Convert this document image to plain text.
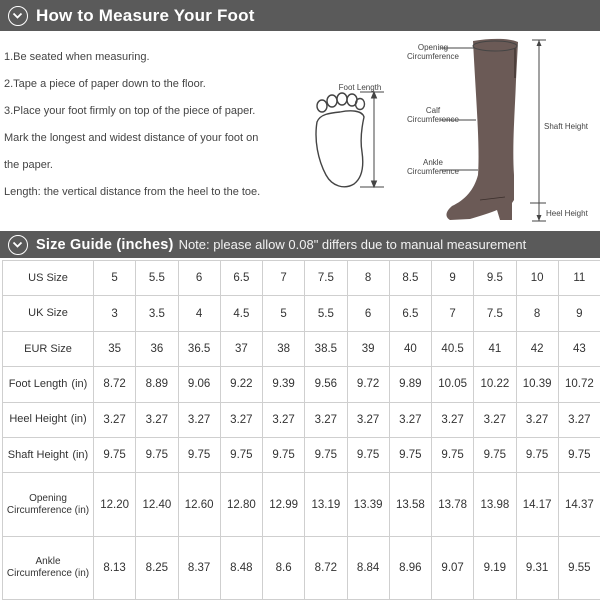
How to Measure Your Foot
1.Be seated when measuring.
2.Tape a piece of paper down to the floor.
3.Place your foot firmly on top of the piece of paper.
Mark the longest and widest distance of your foot on
the paper.
Length: the vertical distance from the heel to the toe.
Foot Length
Opening
Circumference
Calf
Circumference
Ankle
Circumference
Shaft Height
Heel Height
Size Guide (inches) Note: please allow 0.08" differs due to manual measurement
US Size	5	5.5	6	6.5	7	7.5	8	8.5	9	9.5	10	11
UK Size	3	3.5	4	4.5	5	5.5	6	6.5	7	7.5	8	9
EUR Size	35	36	36.5	37	38	38.5	39	40	40.5	41	42	43
Foot Length (in)	8.72	8.89	9.06	9.22	9.39	9.56	9.72	9.89	10.05	10.22	10.39	10.72
Heel Height (in)	3.27	3.27	3.27	3.27	3.27	3.27	3.27	3.27	3.27	3.27	3.27	3.27
Shaft Height (in)	9.75	9.75	9.75	9.75	9.75	9.75	9.75	9.75	9.75	9.75	9.75	9.75
Opening
Circumference (in)	12.20	12.40	12.60	12.80	12.99	13.19	13.39	13.58	13.78	13.98	14.17	14.37
Ankle
Circumference (in)	8.13	8.25	8.37	8.48	8.6	8.72	8.84	8.96	9.07	9.19	9.31	9.55
